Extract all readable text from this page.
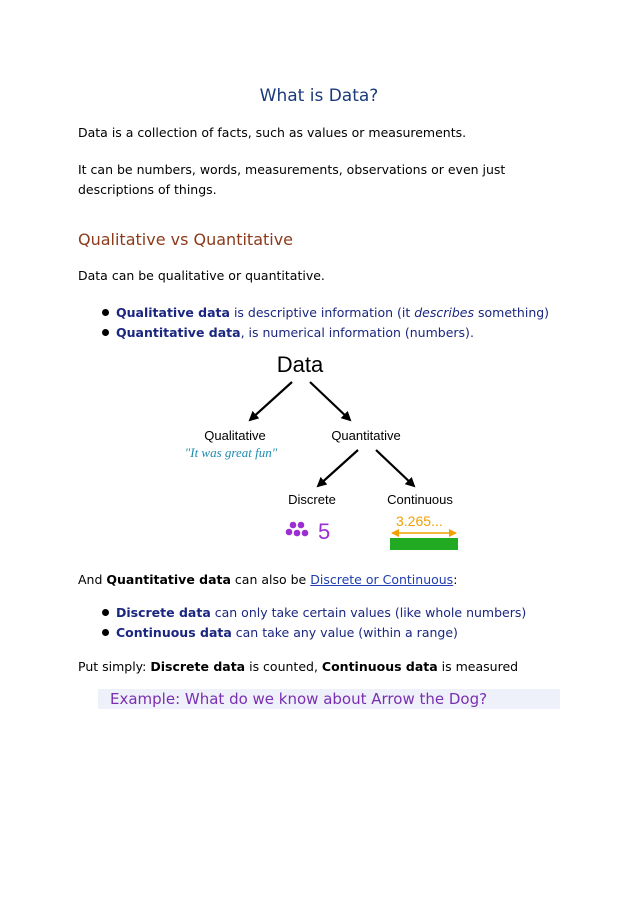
What is Data?
Data is a collection of facts, such as values or measurements.
It can be numbers, words, measurements, observations or even just
descriptions of things.
Qualitative vs Quantitative
Data can be qualitative or quantitative.
Qualitative data is descriptive information (it describes something)
Quantitative data, is numerical information (numbers).
Data
Qualitative
"It was great fun"
Quantitative
Discrete	Continuous
5	3.265...
And Quantitative data can also be Discrete or Continuous:
Discrete data can only take certain values (like whole numbers)
Continuous data can take any value (within a range)
Put simply: Discrete data is counted, Continuous data is measured
Example: What do we know about Arrow the Dog?
